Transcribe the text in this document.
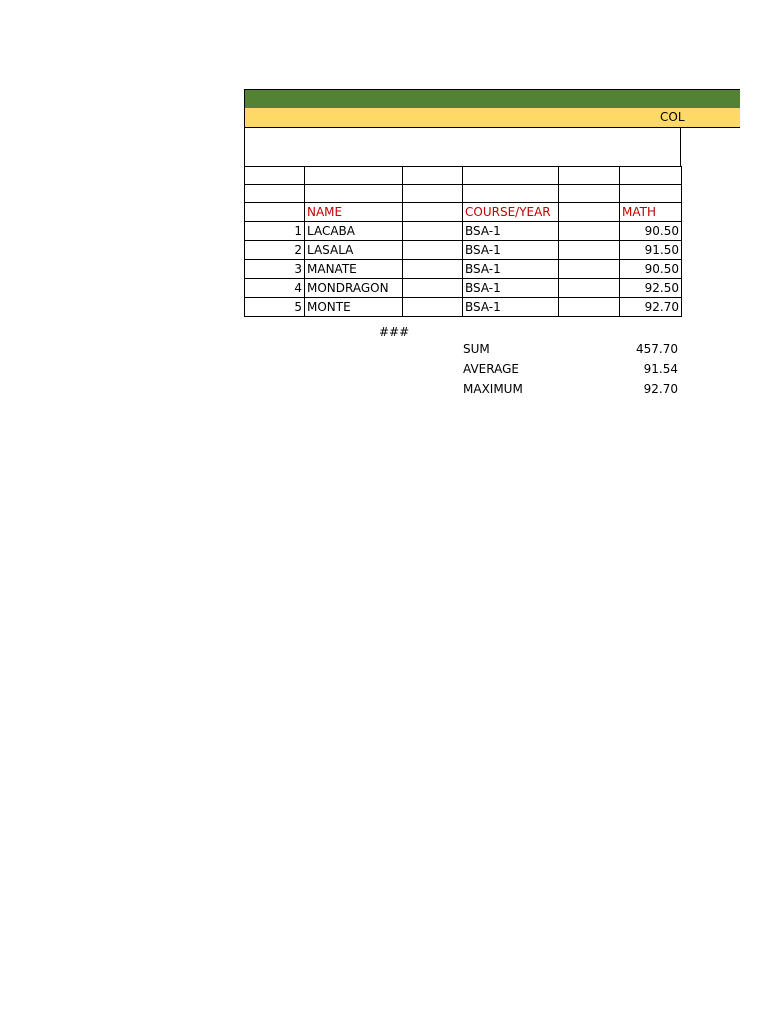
COL

	NAME		COURSE/YEAR		MATH
1	LACABA		BSA-1		90.50
2	LASALA		BSA-1		91.50
3	MANATE		BSA-1		90.50
4	MONDRAGON		BSA-1		92.50
5	MONTE		BSA-1		92.70
###
SUM	457.70
AVERAGE	91.54
MAXIMUM	92.70
